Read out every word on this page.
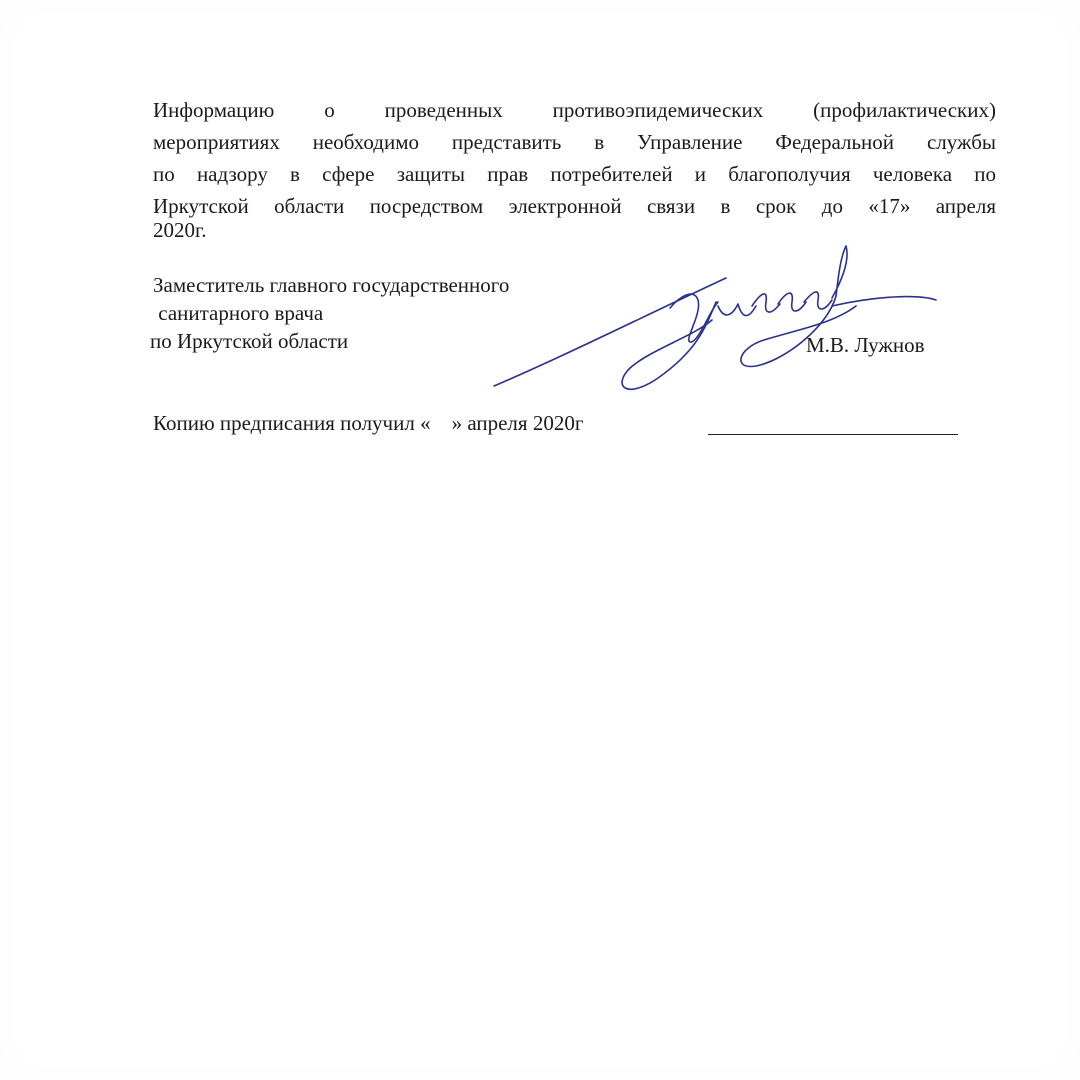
Информацию о проведенных противоэпидемических (профилактических)
мероприятиях необходимо представить в Управление Федеральной службы
по надзору в сфере защиты прав потребителей и благополучия человека по
Иркутской области посредством электронной связи в срок до «17» апреля
2020г.
Заместитель главного государственного
санитарного врача
по Иркутской области	М.В. Лужнов
Копию предписания получил «    » апреля 2020г
